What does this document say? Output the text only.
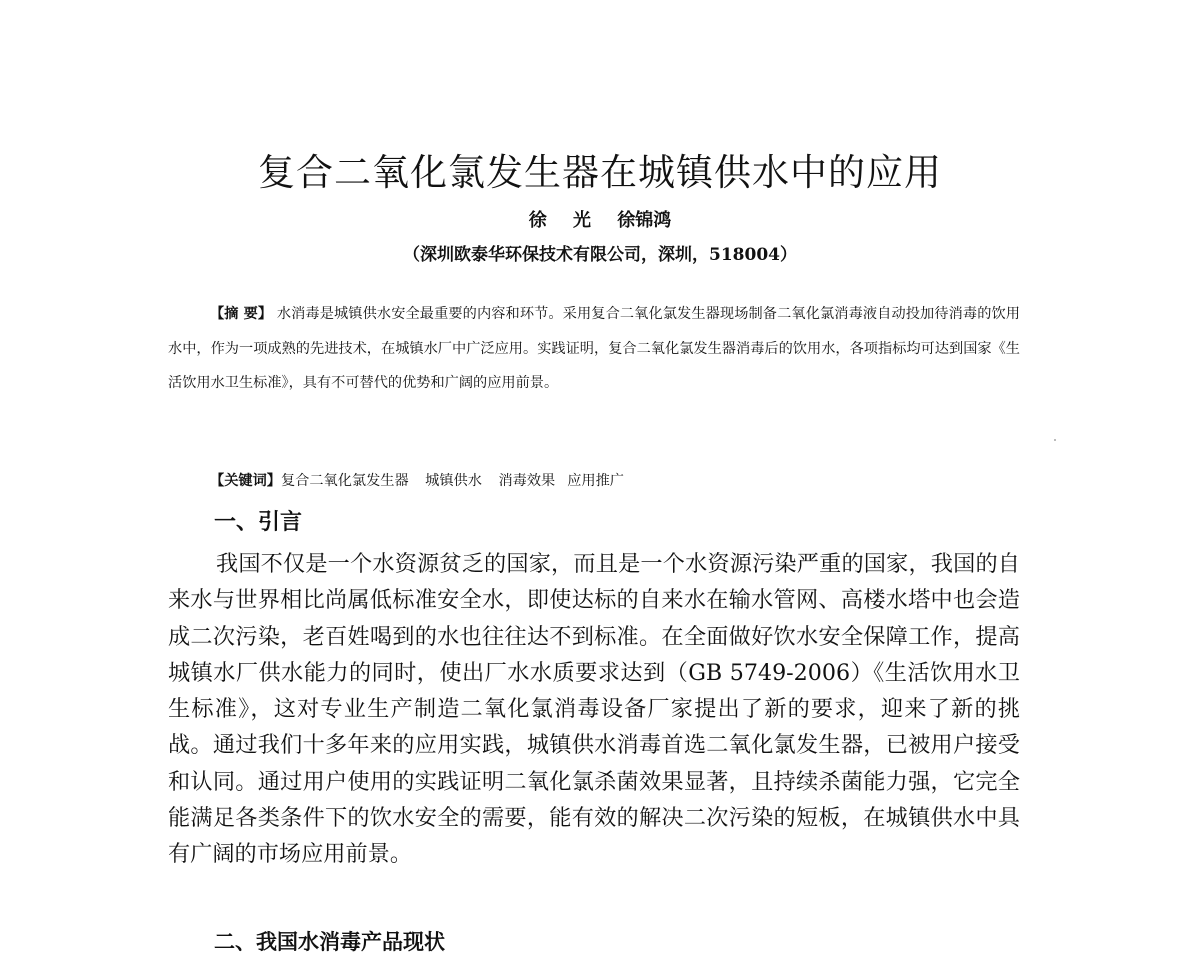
复合二氧化氯发生器在城镇供水中的应用
徐 光 徐锦鸿
（深圳欧泰华环保技术有限公司，深圳，518004）

【摘 要】 水消毒是城镇供水安全最重要的内容和环节。采用复合二氧化氯发生器现场制备二氧化氯消毒液自动投加待消毒的饮用水中，作为一项成熟的先进技术，在城镇水厂中广泛应用。实践证明，复合二氧化氯发生器消毒后的饮用水，各项指标均可达到国家《生活饮用水卫生标准》，具有不可替代的优势和广阔的应用前景。

【关键词】复合二氧化氯发生器 城镇供水 消毒效果 应用推广

一、引言

我国不仅是一个水资源贫乏的国家，而且是一个水资源污染严重的国家，我国的自来水与世界相比尚属低标准安全水，即使达标的自来水在输水管网、高楼水塔中也会造成二次污染，老百姓喝到的水也往往达不到标准。在全面做好饮水安全保障工作，提高城镇水厂供水能力的同时，使出厂水水质要求达到（GB 5749-2006）《生活饮用水卫生标准》，这对专业生产制造二氧化氯消毒设备厂家提出了新的要求，迎来了新的挑战。通过我们十多年来的应用实践，城镇供水消毒首选二氧化氯发生器，已被用户接受和认同。通过用户使用的实践证明二氧化氯杀菌效果显著，且持续杀菌能力强，它完全能满足各类条件下的饮水安全的需要，能有效的解决二次污染的短板，在城镇供水中具有广阔的市场应用前景。

二、我国水消毒产品现状
